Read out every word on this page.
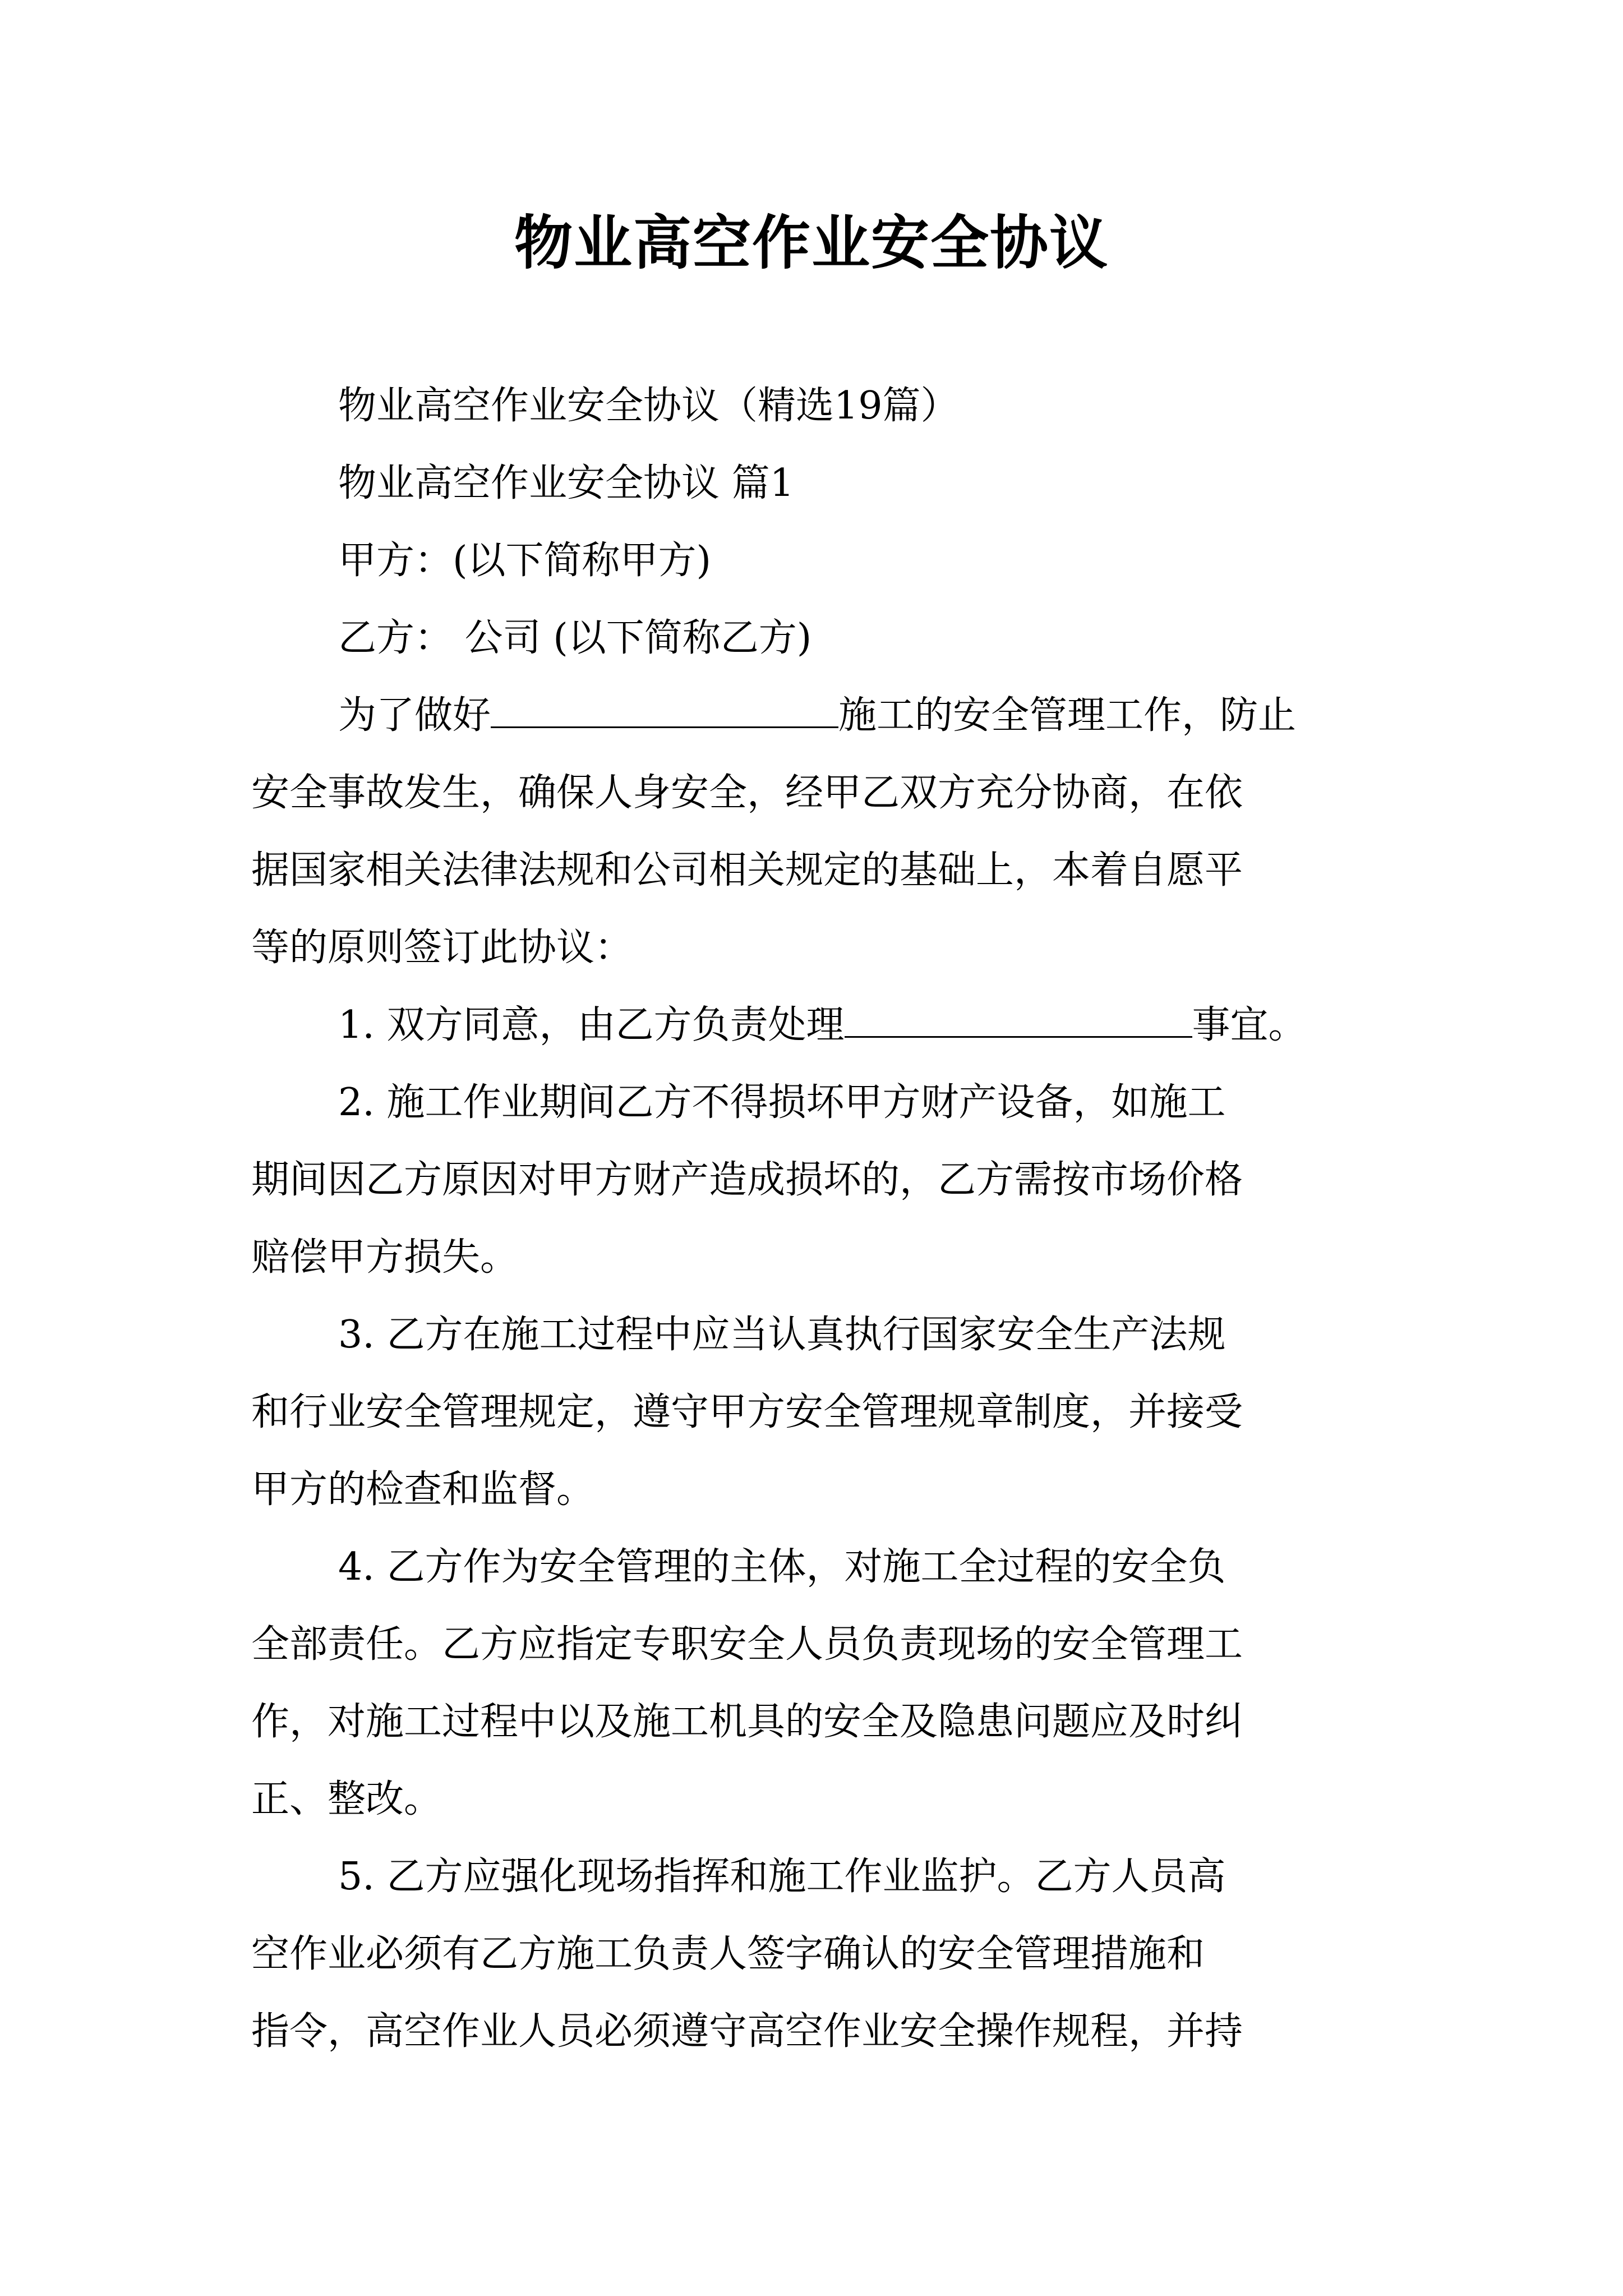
物业高空作业安全协议
物业高空作业安全协议（精选19篇）
物业高空作业安全协议 篇1
甲方：(以下简称甲方)
乙方： 公司 (以下简称乙方)
为了做好	施工的安全管理工作，防止
安全事故发生，确保人身安全，经甲乙双方充分协商，在依
据国家相关法律法规和公司相关规定的基础上，本着自愿平
等的原则签订此协议：
1. 双方同意，由乙方负责处理	事宜。
2. 施工作业期间乙方不得损坏甲方财产设备，如施工
期间因乙方原因对甲方财产造成损坏的，乙方需按市场价格
赔偿甲方损失。
3. 乙方在施工过程中应当认真执行国家安全生产法规
和行业安全管理规定，遵守甲方安全管理规章制度，并接受
甲方的检查和监督。
4. 乙方作为安全管理的主体，对施工全过程的安全负
全部责任。乙方应指定专职安全人员负责现场的安全管理工
作，对施工过程中以及施工机具的安全及隐患问题应及时纠
正、整改。
5. 乙方应强化现场指挥和施工作业监护。乙方人员高
空作业必须有乙方施工负责人签字确认的安全管理措施和
指令，高空作业人员必须遵守高空作业安全操作规程，并持
